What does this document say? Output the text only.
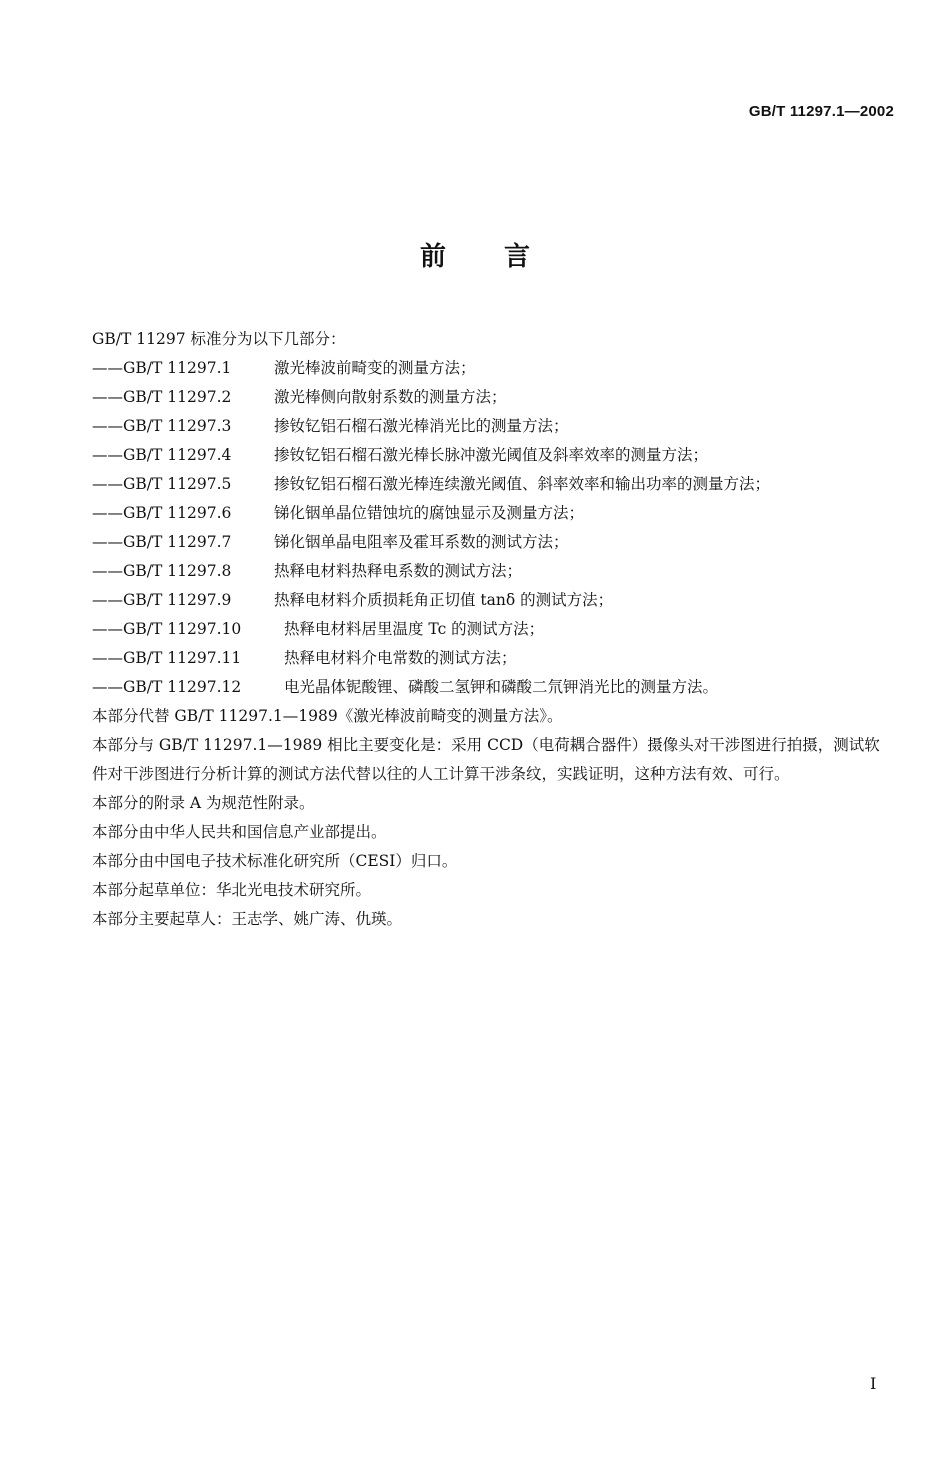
GB/T 11297.1—2002
前 言

GB/T 11297 标准分为以下几部分：

——GB/T 11297.1	激光棒波前畸变的测量方法；
——GB/T 11297.2	激光棒侧向散射系数的测量方法；
——GB/T 11297.3	掺钕钇铝石榴石激光棒消光比的测量方法；
——GB/T 11297.4	掺钕钇铝石榴石激光棒长脉冲激光阈值及斜率效率的测量方法；
——GB/T 11297.5	掺钕钇铝石榴石激光棒连续激光阈值、斜率效率和输出功率的测量方法；
——GB/T 11297.6	锑化铟单晶位错蚀坑的腐蚀显示及测量方法；
——GB/T 11297.7	锑化铟单晶电阻率及霍耳系数的测试方法；
——GB/T 11297.8	热释电材料热释电系数的测试方法；
——GB/T 11297.9	热释电材料介质损耗角正切值 tanδ 的测试方法；
——GB/T 11297.10	热释电材料居里温度 Tc 的测试方法；
——GB/T 11297.11	热释电材料介电常数的测试方法；
——GB/T 11297.12	电光晶体铌酸锂、磷酸二氢钾和磷酸二氘钾消光比的测量方法。

本部分代替 GB/T 11297.1—1989《激光棒波前畸变的测量方法》。

本部分与 GB/T 11297.1—1989 相比主要变化是：采用 CCD（电荷耦合器件）摄像头对干涉图进行拍摄，测试软件对干涉图进行分析计算的测试方法代替以往的人工计算干涉条纹，实践证明，这种方法有效、可行。

本部分的附录 A 为规范性附录。

本部分由中华人民共和国信息产业部提出。

本部分由中国电子技术标准化研究所（CESI）归口。

本部分起草单位：华北光电技术研究所。

本部分主要起草人：王志学、姚广涛、仇瑛。

I
